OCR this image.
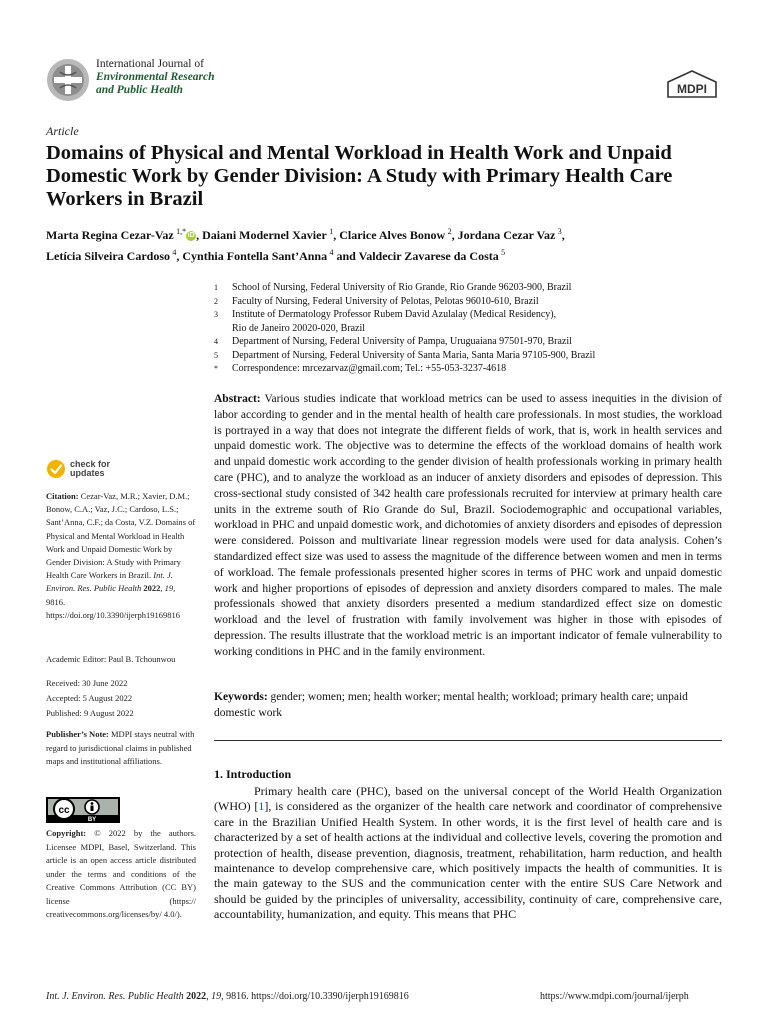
International Journal of
Environmental Research
and Public Health	MDPI
Article
Domains of Physical and Mental Workload in Health Work and Unpaid Domestic Work by Gender Division: A Study with Primary Health Care Workers in Brazil
Marta Regina Cezar-Vaz  $^{1,*}$ iD , Daiani Modernel Xavier  $^1$, Clarice Alves Bonow  $^2$, Jordana Cezar Vaz  $^3$,
Letícia Silveira Cardoso  $^4$, Cynthia Fontella Sant’Anna  $^4$ and Valdecir Zavarese da Costa  $^5$
1	School of Nursing, Federal University of Rio Grande, Rio Grande 96203-900, Brazil
2	Faculty of Nursing, Federal University of Pelotas, Pelotas 96010-610, Brazil
3	Institute of Dermatology Professor Rubem David Azulalay (Medical Residency),
Rio de Janeiro 20020-020, Brazil
4	Department of Nursing, Federal University of Pampa, Uruguaiana 97501-970, Brazil
5	Department of Nursing, Federal University of Santa Maria, Santa Maria 97105-900, Brazil
*	Correspondence: mrcezarvaz@gmail.com; Tel.: +55-053-3237-4618
Abstract: Various studies indicate that workload metrics can be used to assess inequities in the division of labor according to gender and in the mental health of health care professionals. In most studies, the workload is portrayed in a way that does not integrate the different fields of work, that is, work in health services and unpaid domestic work. The objective was to determine the effects of the workload domains of health work and unpaid domestic work according to the gender division of health professionals working in primary health care (PHC), and to analyze the workload as an inducer of anxiety disorders and episodes of depression. This cross-sectional study consisted of 342 health care professionals recruited for interview at primary health care units in the extreme south of Rio Grande do Sul, Brazil. Sociodemographic and occupational variables, workload in PHC and unpaid domestic work, and dichotomies of anxiety disorders and episodes of depression were considered. Poisson and multivariate linear regression models were used for data analysis. Cohen’s standardized effect size was used to assess the magnitude of the difference between women and men in terms of workload. The female professionals presented higher scores in terms of PHC work and unpaid domestic work and higher proportions of episodes of depression and anxiety disorders compared to males. The male professionals showed that anxiety disorders presented a medium standardized effect size on domestic workload and the level of frustration with family involvement was higher in those with episodes of depression. The results illustrate that the workload metric is an important indicator of female vulnerability to working conditions in PHC and in the family environment.
Keywords: gender; women; men; health worker; mental health; workload; primary health care; unpaid domestic work
1. Introduction
Primary health care (PHC), based on the universal concept of the World Health Organization (WHO) [1], is considered as the organizer of the health care network and coordinator of comprehensive care in the Brazilian Unified Health System. In other words, it is the first level of health care and is characterized by a set of health actions at the individual and collective levels, covering the promotion and protection of health, disease prevention, diagnosis, treatment, rehabilitation, harm reduction, and health maintenance to develop comprehensive care, which positively impacts the health of communities. It is the main gateway to the SUS and the communication center with the entire SUS Care Network and should be guided by the principles of universality, accessibility, continuity of care, comprehensive care, accountability, humanization, and equity. This means that PHC
check for
updates
Citation: Cezar-Vaz, M.R.; Xavier, D.M.; Bonow, C.A.; Vaz, J.C.; Cardoso, L.S.; Sant’Anna, C.F.; da Costa, V.Z. Domains of Physical and Mental Workload in Health Work and Unpaid Domestic Work by Gender Division: A Study with Primary Health Care Workers in Brazil. Int. J. Environ. Res. Public Health 2022, 19, 9816. https://doi.org/10.3390/ijerph19169816
Academic Editor: Paul B. Tchounwou
Received: 30 June 2022
Accepted: 5 August 2022
Published: 9 August 2022
Publisher’s Note: MDPI stays neutral with regard to jurisdictional claims in published maps and institutional affiliations.
cc
BY
Copyright: © 2022 by the authors. Licensee MDPI, Basel, Switzerland. This article is an open access article distributed under the terms and conditions of the Creative Commons Attribution (CC BY) license (https:// creativecommons.org/licenses/by/ 4.0/).
Int. J. Environ. Res. Public Health 2022, 19, 9816. https://doi.org/10.3390/ijerph19169816	https://www.mdpi.com/journal/ijerph
